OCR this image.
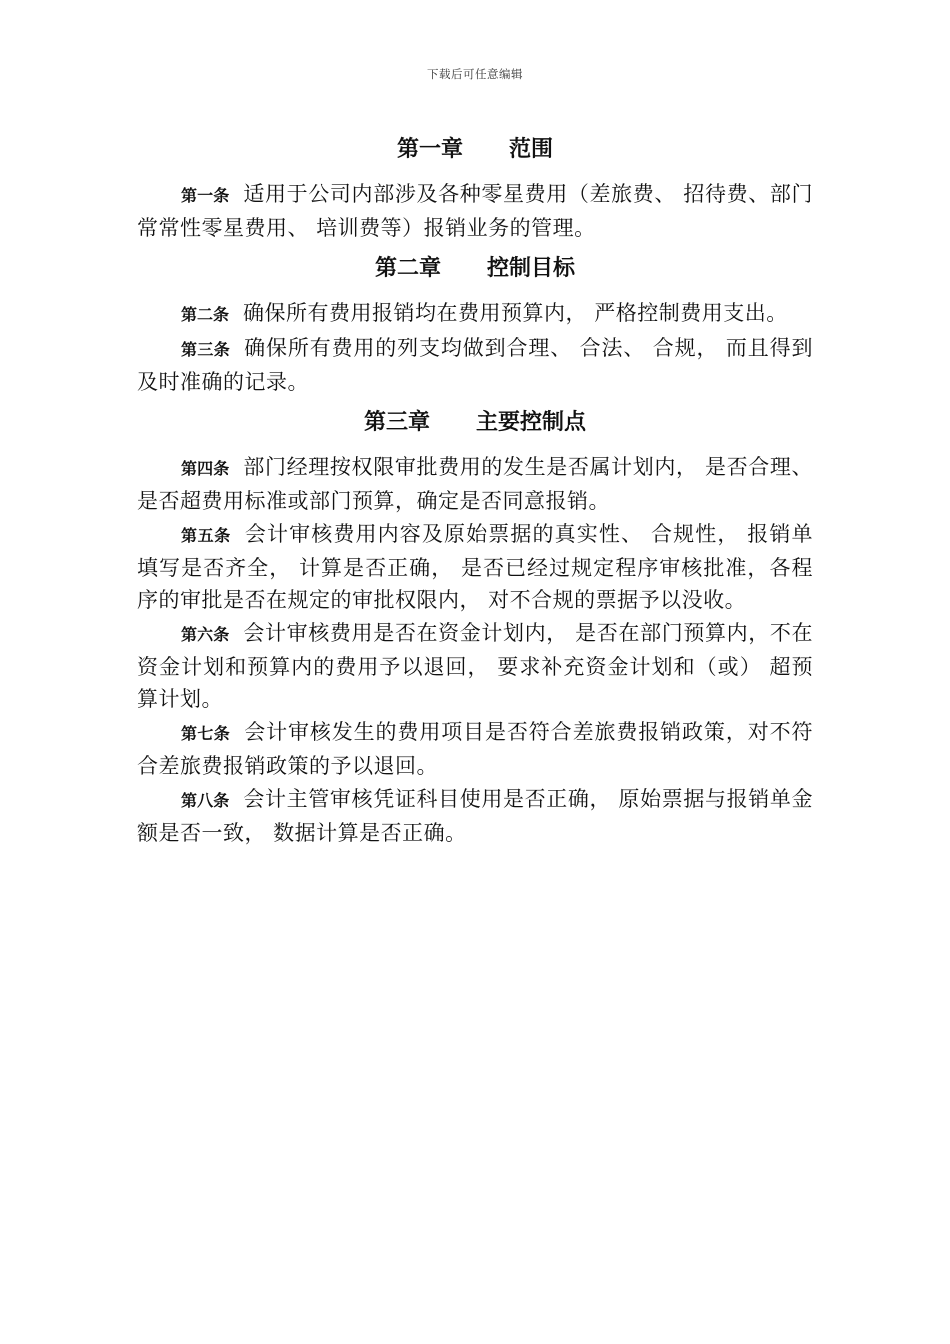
下载后可任意编辑
第一章 范围

第一条 适用于公司内部涉及各种零星费用（差旅费、 招待费、部门常常性零星费用、 培训费等）报销业务的管理。

第二章 控制目标

第二条 确保所有费用报销均在费用预算内， 严格控制费用支出。

第三条 确保所有费用的列支均做到合理、 合法、 合规， 而且得到及时准确的记录。

第三章 主要控制点

第四条 部门经理按权限审批费用的发生是否属计划内， 是否合理、 是否超费用标准或部门预算，确定是否同意报销。

第五条 会计审核费用内容及原始票据的真实性、 合规性， 报销单填写是否齐全， 计算是否正确， 是否已经过规定程序审核批准，各程序的审批是否在规定的审批权限内， 对不合规的票据予以没收。

第六条 会计审核费用是否在资金计划内， 是否在部门预算内，不在资金计划和预算内的费用予以退回， 要求补充资金计划和（或） 超预算计划。

第七条 会计审核发生的费用项目是否符合差旅费报销政策，对不符合差旅费报销政策的予以退回。

第八条 会计主管审核凭证科目使用是否正确， 原始票据与报销单金额是否一致， 数据计算是否正确。
